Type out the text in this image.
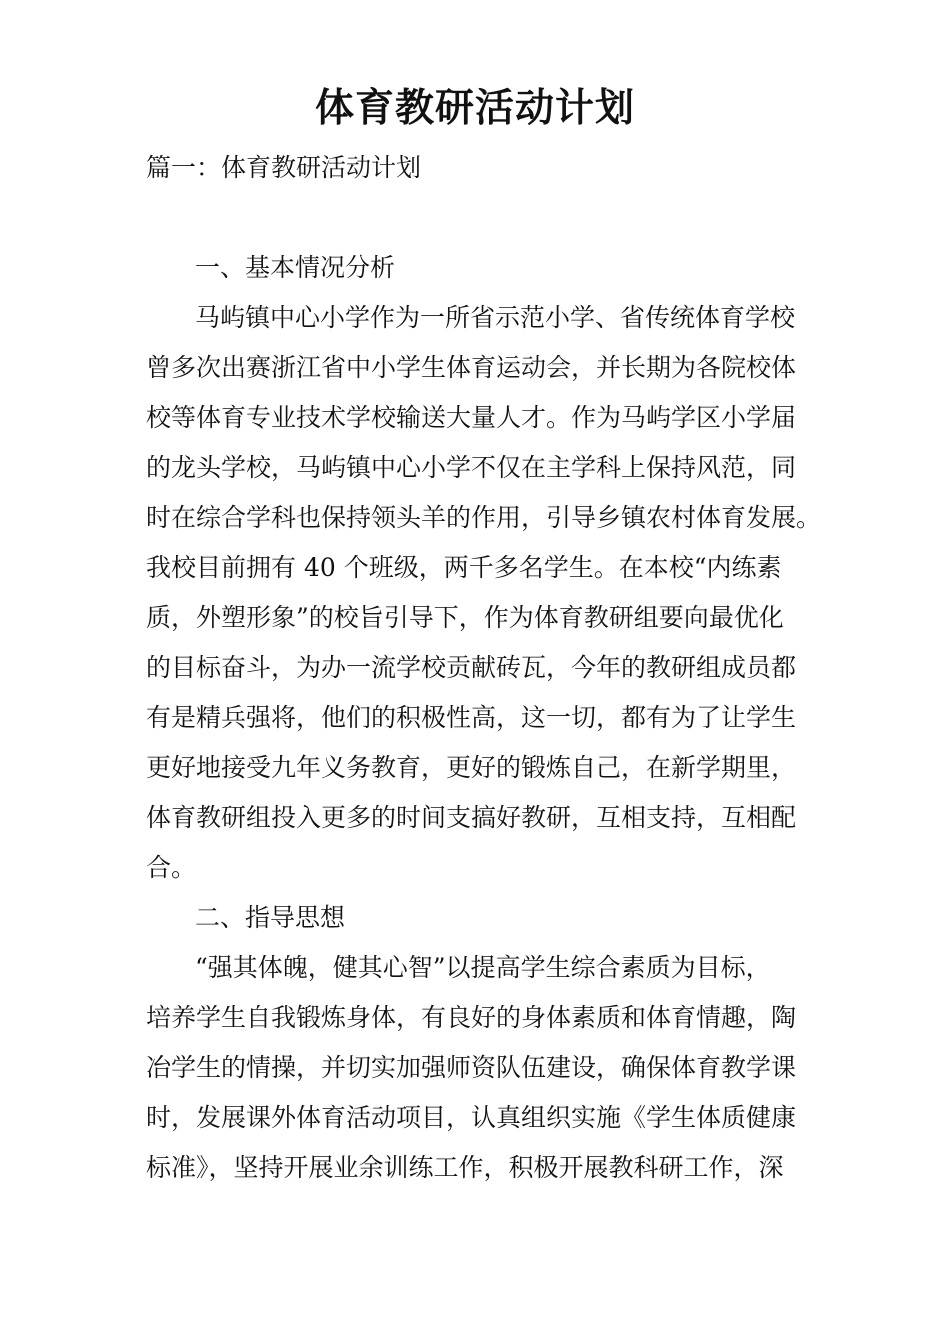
体育教研活动计划
篇一：体育教研活动计划
一、基本情况分析
马屿镇中心小学作为一所省示范小学、省传统体育学校
曾多次出赛浙江省中小学生体育运动会，并长期为各院校体
校等体育专业技术学校输送大量人才。作为马屿学区小学届
的龙头学校，马屿镇中心小学不仅在主学科上保持风范，同
时在综合学科也保持领头羊的作用，引导乡镇农村体育发展。
我校目前拥有 40 个班级，两千多名学生。在本校“内练素
质，外塑形象”的校旨引导下，作为体育教研组要向最优化
的目标奋斗，为办一流学校贡献砖瓦，今年的教研组成员都
有是精兵强将，他们的积极性高，这一切，都有为了让学生
更好地接受九年义务教育，更好的锻炼自己，在新学期里，
体育教研组投入更多的时间支搞好教研，互相支持，互相配
合。
二、指导思想
“强其体魄，健其心智”以提高学生综合素质为目标，
培养学生自我锻炼身体，有良好的身体素质和体育情趣，陶
冶学生的情操，并切实加强师资队伍建设，确保体育教学课
时，发展课外体育活动项目，认真组织实施《学生体质健康
标准》，坚持开展业余训练工作，积极开展教科研工作，深
